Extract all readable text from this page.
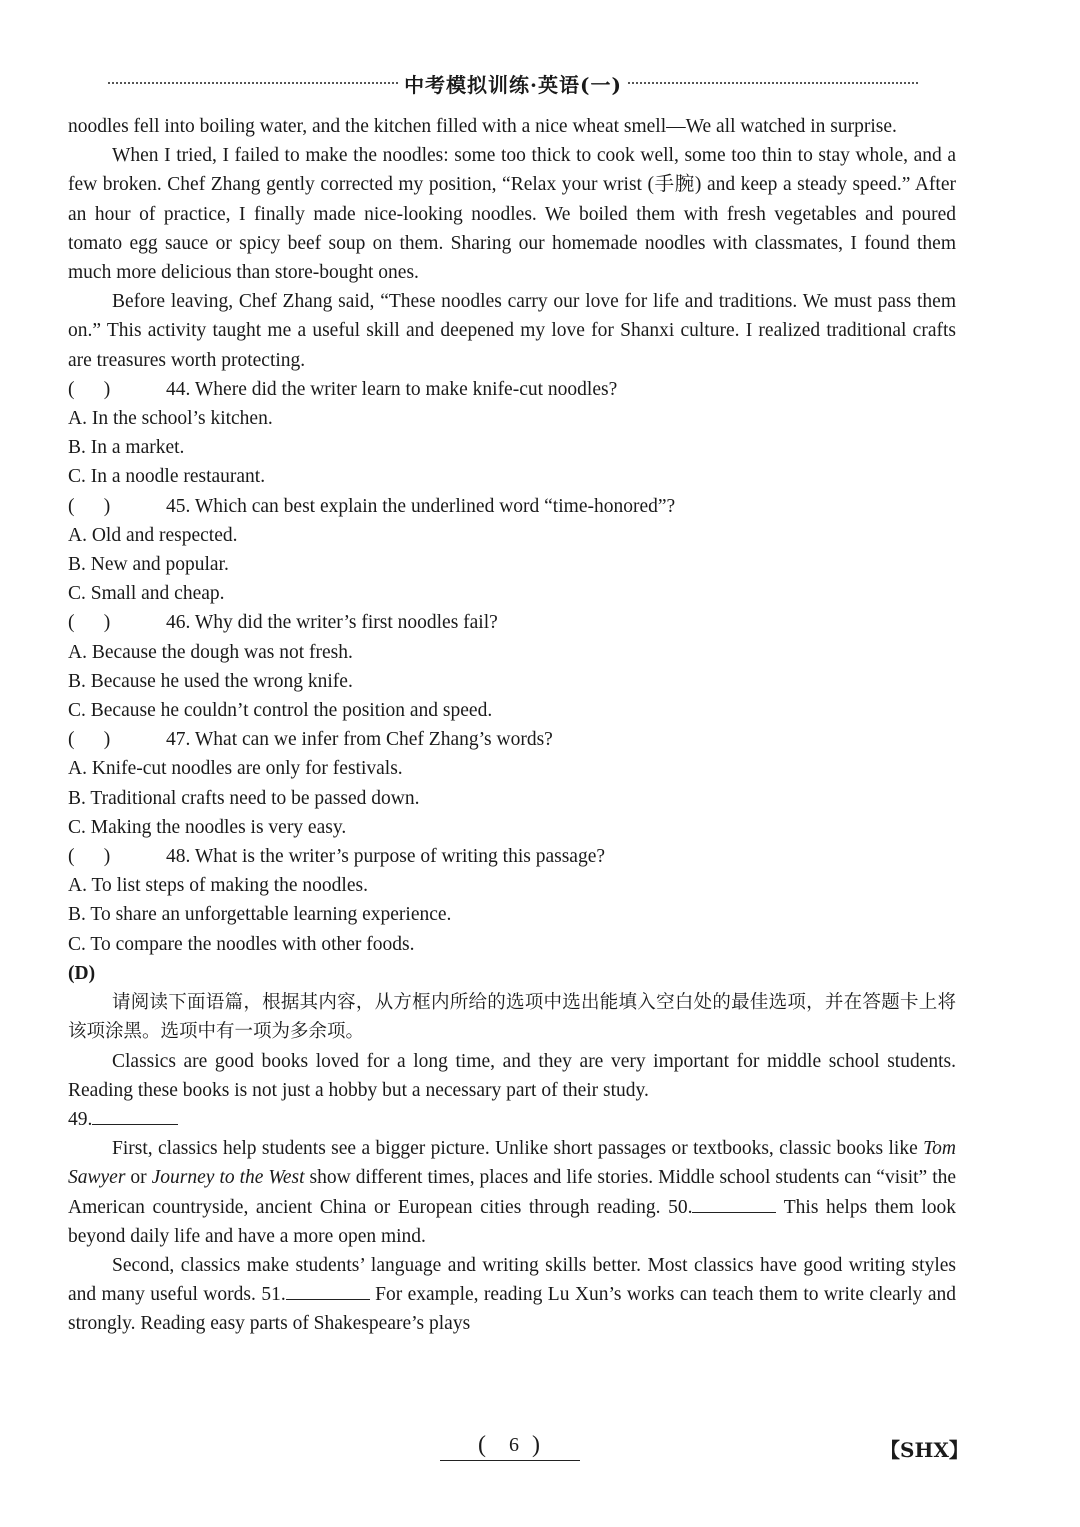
中考模拟训练·英语(一)

noodles fell into boiling water, and the kitchen filled with a nice wheat smell—We all watched in surprise.

When I tried, I failed to make the noodles: some too thick to cook well, some too thin to stay whole, and a few broken. Chef Zhang gently corrected my position, “Relax your wrist (手腕) and keep a steady speed.” After an hour of practice, I finally made nice-looking noodles. We boiled them with fresh vegetables and poured tomato egg sauce or spicy beef soup on them. Sharing our homemade noodles with classmates, I found them much more delicious than store-bought ones.

Before leaving, Chef Zhang said, “These noodles carry our love for life and traditions. We must pass them on.” This activity taught me a useful skill and deepened my love for Shanxi culture. I realized traditional crafts are treasures worth protecting.

(      )	44. Where did the writer learn to make knife-cut noodles?

A. In the school’s kitchen.

B. In a market.

C. In a noodle restaurant.

(      )	45. Which can best explain the underlined word “time-honored”?

A. Old and respected.

B. New and popular.

C. Small and cheap.

(      )	46. Why did the writer’s first noodles fail?

A. Because the dough was not fresh.

B. Because he used the wrong knife.

C. Because he couldn’t control the position and speed.

(      )	47. What can we infer from Chef Zhang’s words?

A. Knife-cut noodles are only for festivals.

B. Traditional crafts need to be passed down.

C. Making the noodles is very easy.

(      )	48. What is the writer’s purpose of writing this passage?

A. To list steps of making the noodles.

B. To share an unforgettable learning experience.

C. To compare the noodles with other foods.

(D)

请阅读下面语篇，根据其内容，从方框内所给的选项中选出能填入空白处的最佳选项，并在答题卡上将该项涂黑。选项中有一项为多余项。

Classics are good books loved for a long time, and they are very important for middle school students. Reading these books is not just a hobby but a necessary part of their study.

49.

First, classics help students see a bigger picture. Unlike short passages or textbooks, classic books like Tom Sawyer or Journey to the West show different times, places and life stories. Middle school students can “visit” the American countryside, ancient China or European cities through reading. 50.	This helps them look beyond daily life and have a more open mind.

Second, classics make students’ language and writing skills better. Most classics have good writing styles and many useful words. 51.	For example, reading Lu Xun’s works can teach them to write clearly and strongly. Reading easy parts of Shakespeare’s plays

(	6 )	【SHX】
